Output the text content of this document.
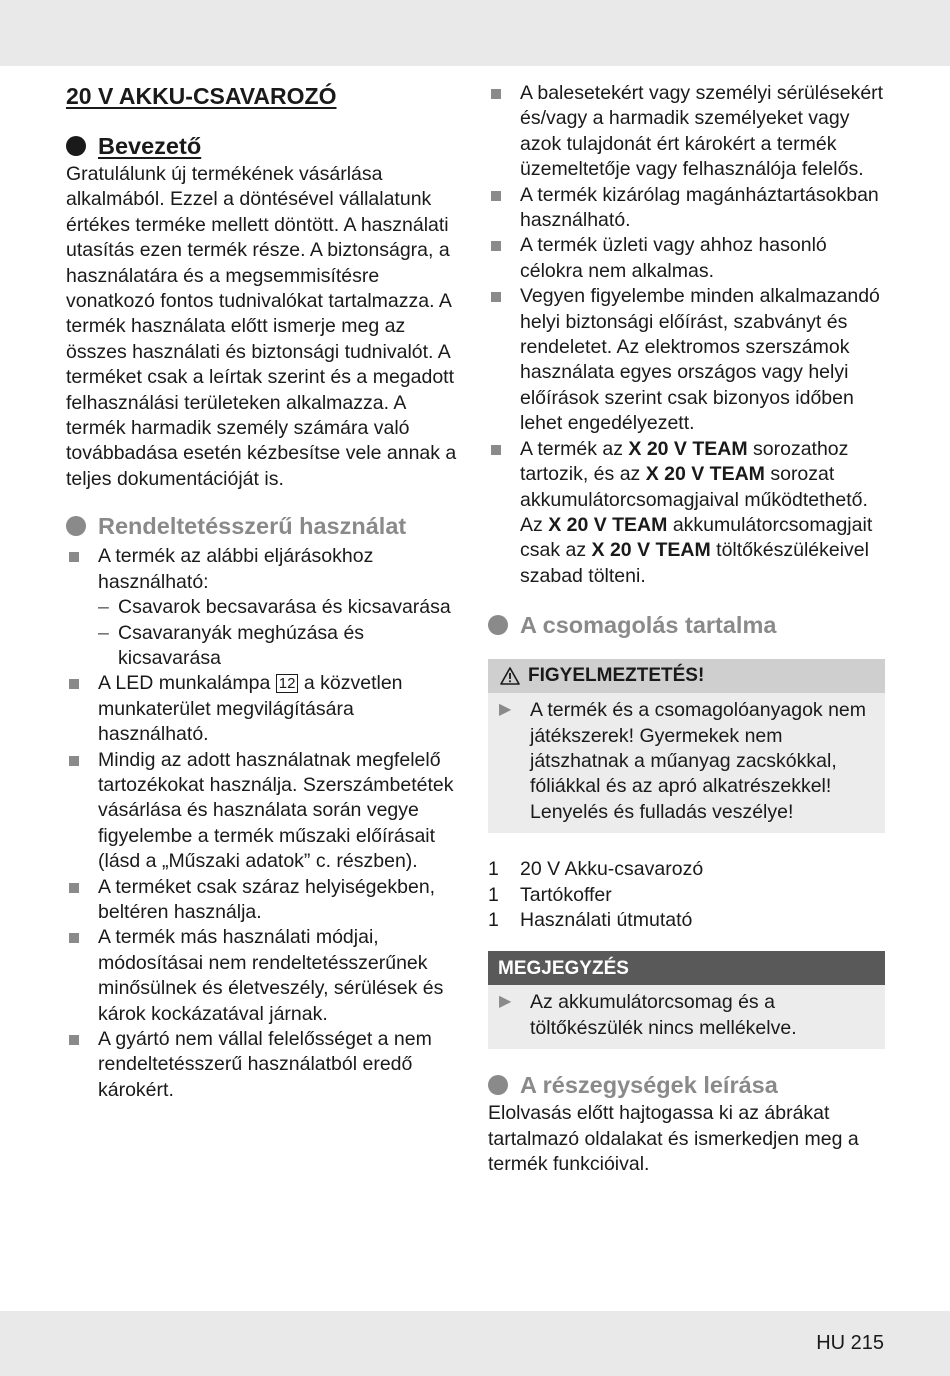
20 V AKKU-CSAVAROZÓ
Bevezető

Gratulálunk új termékének vásárlása alkalmából. Ezzel a döntésével vállalatunk értékes terméke mellett döntött. A használati utasítás ezen termék része. A biztonságra, a használatára és a megsemmisítésre vonatkozó fontos tudnivalókat tartalmazza. A termék használata előtt ismerje meg az összes használati és biztonsági tudnivalót. A terméket csak a leírtak szerint és a megadott felhasználási területeken alkalmazza. A termék harmadik személy számára való továbbadása esetén kézbesítse vele annak a teljes dokumentációját is.

Rendeltetésszerű használat
A termék az alábbi eljárásokhoz használható:
– Csavarok becsavarása és kicsavarása
– Csavaranyák meghúzása és kicsavarása
A LED munkalámpa 12 a közvetlen munkaterület megvilágítására használható.
Mindig az adott használatnak megfelelő tartozékokat használja. Szerszámbetétek vásárlása és használata során vegye figyelembe a termék műszaki előírásait (lásd a „Műszaki adatok” c. részben).
A terméket csak száraz helyiségekben, beltéren használja.
A termék más használati módjai, módosításai nem rendeltetésszerűnek minősülnek és életveszély, sérülések és károk kockázatával járnak.
A gyártó nem vállal felelősséget a nem rendeltetésszerű használatból eredő károkért.
A balesetekért vagy személyi sérülésekért és/vagy a harmadik személyeket vagy azok tulajdonát ért károkért a termék üzemeltetője vagy felhasználója felelős.
A termék kizárólag magánháztartásokban használható.
A termék üzleti vagy ahhoz hasonló célokra nem alkalmas.
Vegyen figyelembe minden alkalmazandó helyi biztonsági előírást, szabványt és rendeletet. Az elektromos szerszámok használata egyes országos vagy helyi előírások szerint csak bizonyos időben lehet engedélyezett.
A termék az X 20 V TEAM sorozathoz tartozik, és az X 20 V TEAM sorozat akkumulátorcsomagjaival működtethető. Az X 20 V TEAM akkumulátorcsomagjait csak az X 20 V TEAM töltőkészülékeivel szabad tölteni.
A csomagolás tartalma
FIGYELMEZTETÉS!
▶ A termék és a csomagolóanyagok nem játékszerek! Gyermekek nem játszhatnak a műanyag zacskókkal, fóliákkal és az apró alkatrészekkel! Lenyelés és fulladás veszélye!
1	20 V Akku-csavarozó
1	Tartókoffer
1	Használati útmutató
MEGJEGYZÉS
▶ Az akkumulátorcsomag és a töltőkészülék nincs mellékelve.
A részegységek leírása

Elolvasás előtt hajtogassa ki az ábrákat tartalmazó oldalakat és ismerkedjen meg a termék funkcióival.

HU 215
